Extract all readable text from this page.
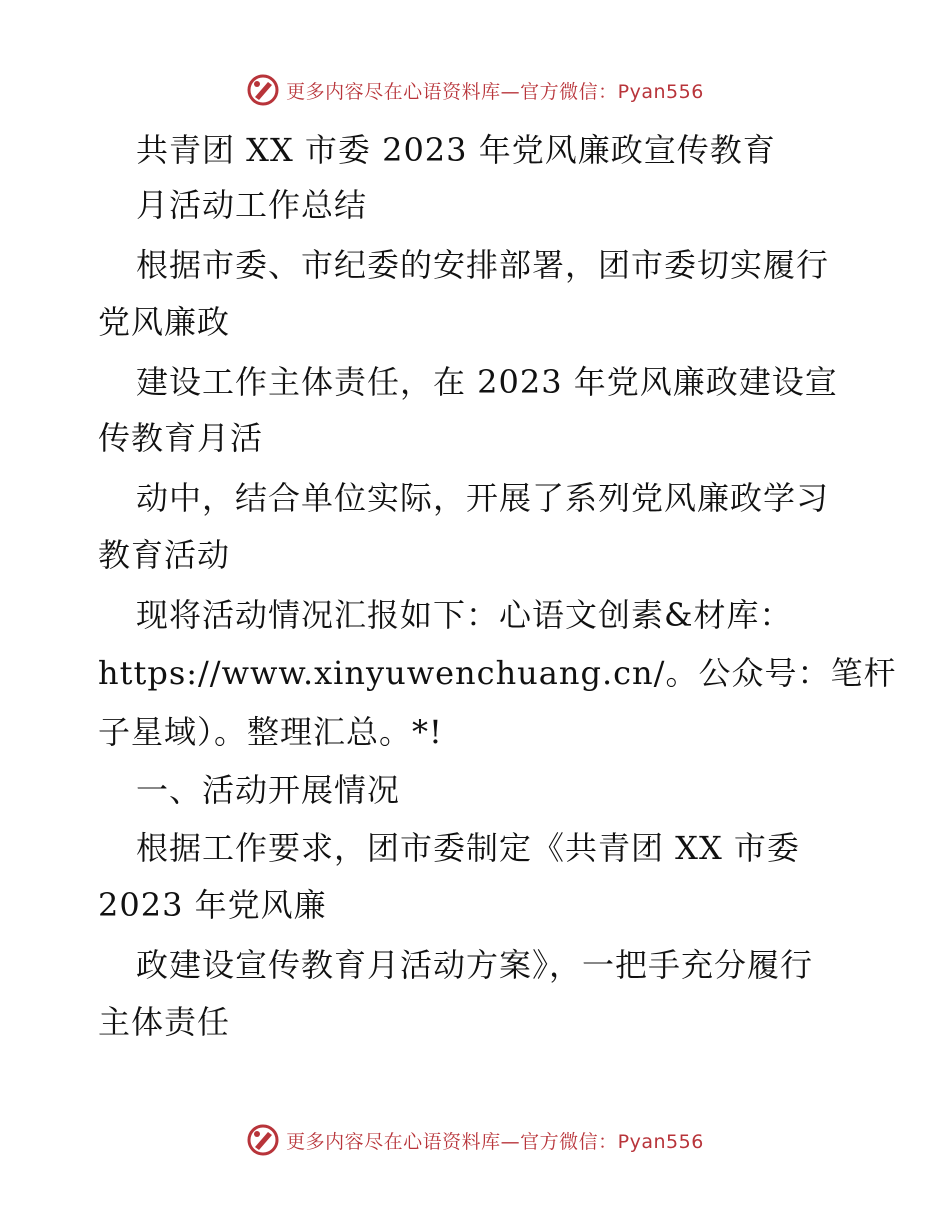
更多内容尽在心语资料库—官方微信：Pyan556
共青团 XX 市委 2023 年党风廉政宣传教育
月活动工作总结
根据市委、市纪委的安排部署，团市委切实履行
党风廉政
建设工作主体责任，在 2023 年党风廉政建设宣
传教育月活
动中，结合单位实际，开展了系列党风廉政学习
教育活动
现将活动情况汇报如下：心语文创素&材库：
https://www.xinyuwenchuang.cn/。公众号：笔杆
子星域）。整理汇总。*!
一、活动开展情况
根据工作要求，团市委制定《共青团 XX 市委
2023 年党风廉
政建设宣传教育月活动方案》，一把手充分履行
主体责任
更多内容尽在心语资料库—官方微信：Pyan556
